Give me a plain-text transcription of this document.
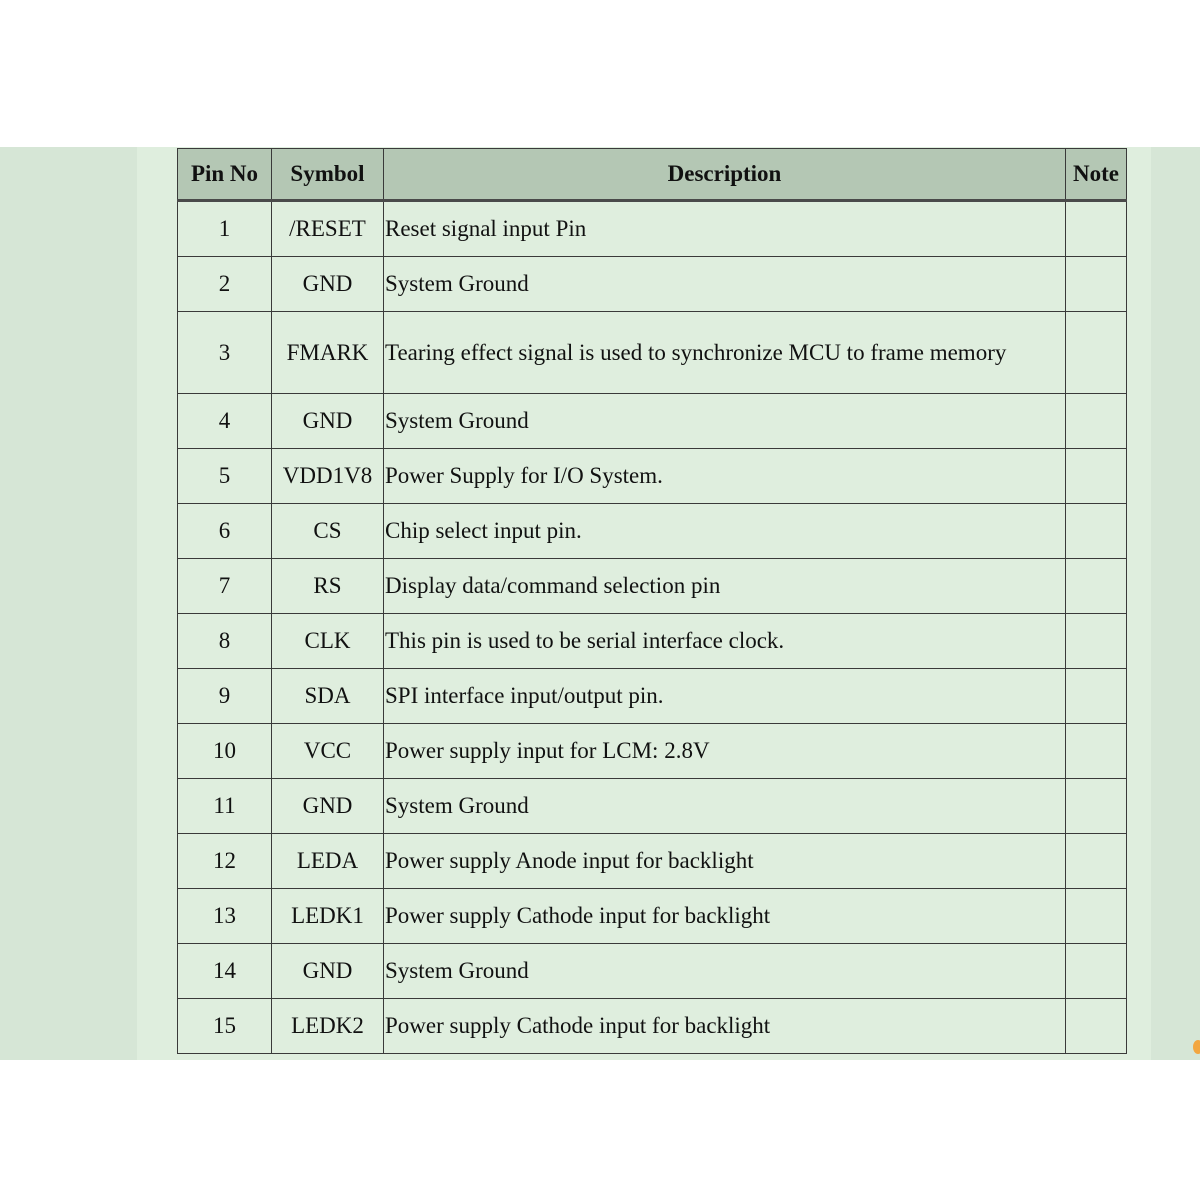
Pin No	Symbol	Description	Note
1	/RESET	Reset signal input Pin	
2	GND	System Ground	
3	FMARK	Tearing effect signal is used to synchronize MCU to frame memory	
4	GND	System Ground	
5	VDD1V8	Power Supply for I/O System.	
6	CS	Chip select input pin.	
7	RS	Display data/command selection pin	
8	CLK	This pin is used to be serial interface clock.	
9	SDA	SPI interface input/output pin.	
10	VCC	Power supply input for LCM: 2.8V	
11	GND	System Ground	
12	LEDA	Power supply Anode input for backlight	
13	LEDK1	Power supply Cathode input for backlight	
14	GND	System Ground	
15	LEDK2	Power supply Cathode input for backlight	
